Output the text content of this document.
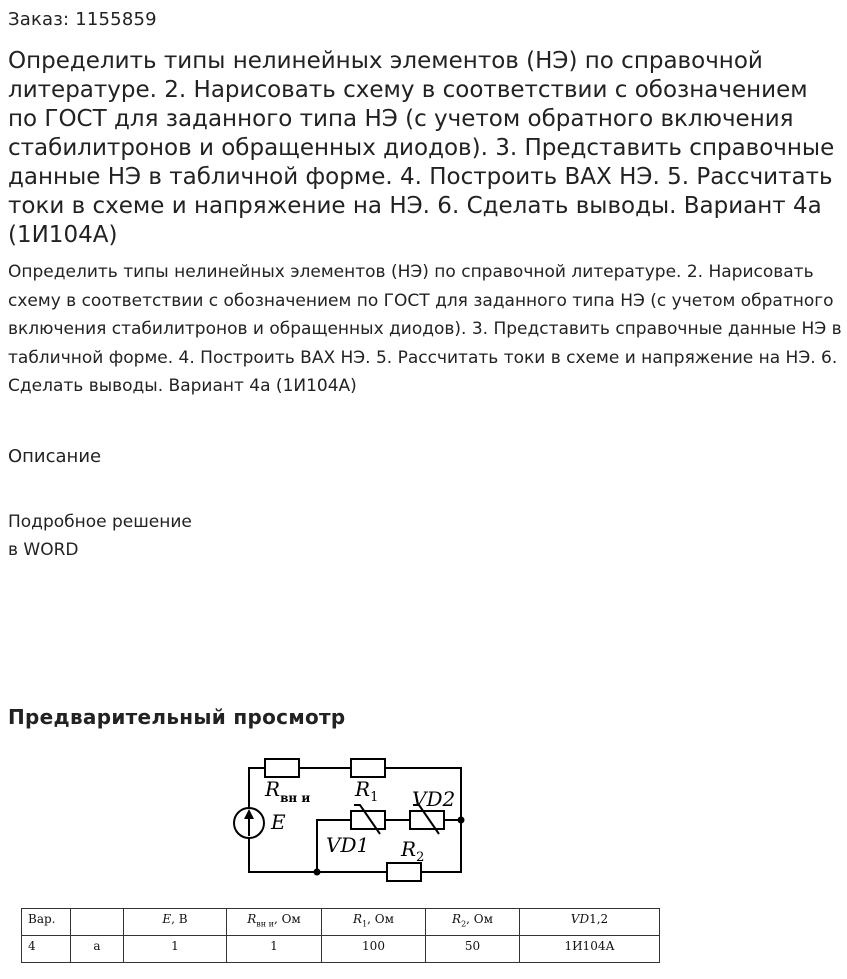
Заказ: 1155859
Определить типы нелинейных элементов (НЭ) по справочной литературе. 2. Нарисовать схему в соответствии с обозначением по ГОСТ для заданного типа НЭ (с учетом обратного включения стабилитронов и обращенных диодов). 3. Представить справочные данные НЭ в табличной форме. 4. Построить ВАХ НЭ. 5. Рассчитать токи в схеме и напряжение на НЭ. 6. Сделать выводы. Вариант 4а (1И104А)

Определить типы нелинейных элементов (НЭ) по справочной литературе. 2. Нарисовать схему в соответствии с обозначением по ГОСТ для заданного типа НЭ (с учетом обратного включения стабилитронов и обращенных диодов). 3. Представить справочные данные НЭ в табличной форме. 4. Построить ВАХ НЭ. 5. Рассчитать токи в схеме и напряжение на НЭ. 6. Сделать выводы. Вариант 4а (1И104А)

Описание
Подробное решение
в WORD
Предварительный просмотр
$R_{вн и}$ $R_1$ VD2
E
VD1 $R_2$
Вар.		E, В	$R_{вн и}$, Ом	$R_1$, Ом	$R_2$, Ом	VD1,2
4	а	1	1	100	50	1И104А
